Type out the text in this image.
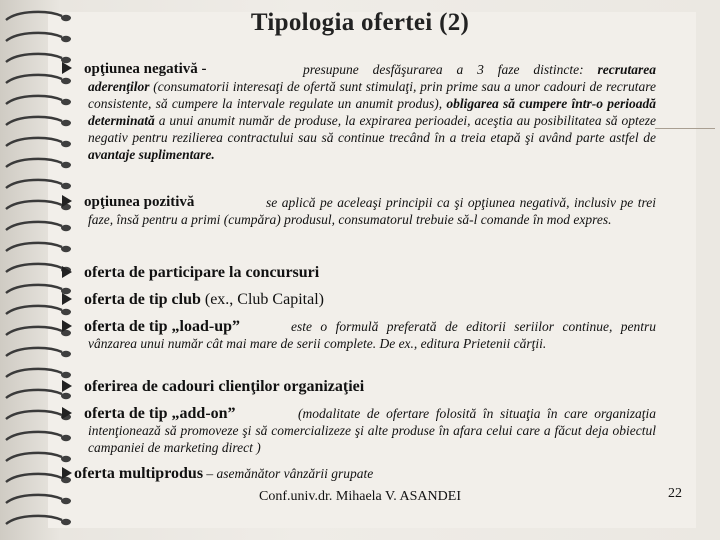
Tipologia ofertei (2)
opţiunea negativă -	presupune desfăşurarea a 3 faze distincte: recrutarea aderenţilor (consumatorii interesaţi de ofertă sunt stimulaţi, prin prime sau a unor cadouri de recrutare consistente, să cumpere la intervale regulate un anumit produs), obligarea să cumpere într-o perioadă determinată a unui anumit număr de produse, la expirarea perioadei, aceştia au posibilitatea să opteze negativ pentru rezilierea contractului sau să continue trecând în a treia etapă şi având parte astfel de avantaje suplimentare.
opţiunea pozitivă	se aplică pe aceleaşi principii ca şi opţiunea negativă, inclusiv pe trei faze, însă pentru a primi (cumpăra) produsul, consumatorul trebuie să-l comande în mod expres.
oferta de participare la concursuri
oferta de tip club (ex., Club Capital)
oferta de tip „load-up”	este o formulă preferată de editorii seriilor continue, pentru vânzarea unui număr cât mai mare de serii complete. De ex., editura Prietenii cărţii.
oferirea de cadouri clienţilor organizaţiei
oferta de tip „add-on”	(modalitate de ofertare folosită în situaţia în care organizaţia intenţionează să promoveze şi să comercializeze şi alte produse în afara celui care a făcut deja obiectul campaniei de marketing direct )
oferta multiprodus – asemănător vânzării grupate
Conf.univ.dr. Mihaela V. ASANDEI	22
